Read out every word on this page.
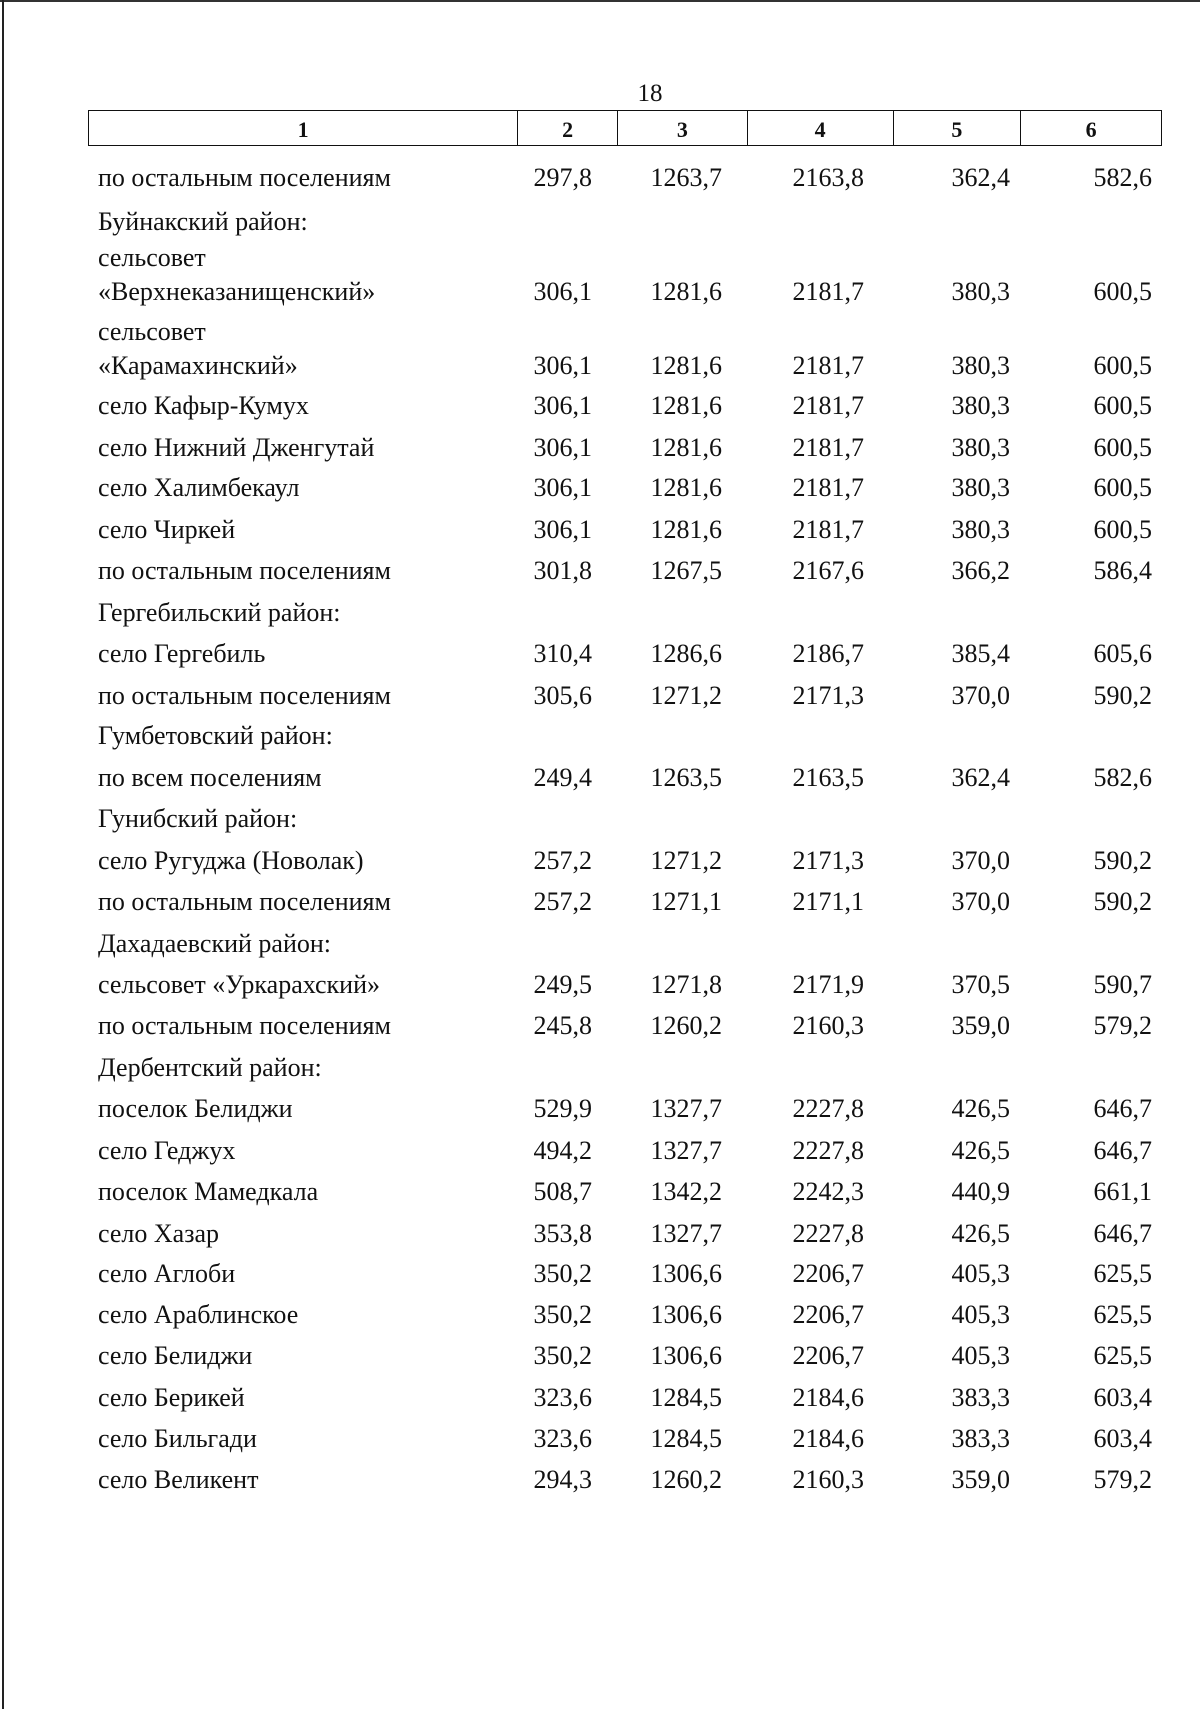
18
1	2	3	4	5	6
по остальным поселениям	297,8	1263,7	2163,8	362,4	582,6
Буйнакский район:
сельсовет
«Верхнеказанищенский»	306,1	1281,6	2181,7	380,3	600,5
сельсовет
«Карамахинский»	306,1	1281,6	2181,7	380,3	600,5
село Кафыр-Кумух	306,1	1281,6	2181,7	380,3	600,5
село Нижний Дженгутай	306,1	1281,6	2181,7	380,3	600,5
село Халимбекаул	306,1	1281,6	2181,7	380,3	600,5
село Чиркей	306,1	1281,6	2181,7	380,3	600,5
по остальным поселениям	301,8	1267,5	2167,6	366,2	586,4
Гергебильский район:
село Гергебиль	310,4	1286,6	2186,7	385,4	605,6
по остальным поселениям	305,6	1271,2	2171,3	370,0	590,2
Гумбетовский район:
по всем поселениям	249,4	1263,5	2163,5	362,4	582,6
Гунибский район:
село Ругуджа (Новолак)	257,2	1271,2	2171,3	370,0	590,2
по остальным поселениям	257,2	1271,1	2171,1	370,0	590,2
Дахадаевский район:
сельсовет «Уркарахский»	249,5	1271,8	2171,9	370,5	590,7
по остальным поселениям	245,8	1260,2	2160,3	359,0	579,2
Дербентский район:
поселок Белиджи	529,9	1327,7	2227,8	426,5	646,7
село Геджух	494,2	1327,7	2227,8	426,5	646,7
поселок Мамедкала	508,7	1342,2	2242,3	440,9	661,1
село Хазар	353,8	1327,7	2227,8	426,5	646,7
село Аглоби	350,2	1306,6	2206,7	405,3	625,5
село Араблинское	350,2	1306,6	2206,7	405,3	625,5
село Белиджи	350,2	1306,6	2206,7	405,3	625,5
село Берикей	323,6	1284,5	2184,6	383,3	603,4
село Бильгади	323,6	1284,5	2184,6	383,3	603,4
село Великент	294,3	1260,2	2160,3	359,0	579,2
